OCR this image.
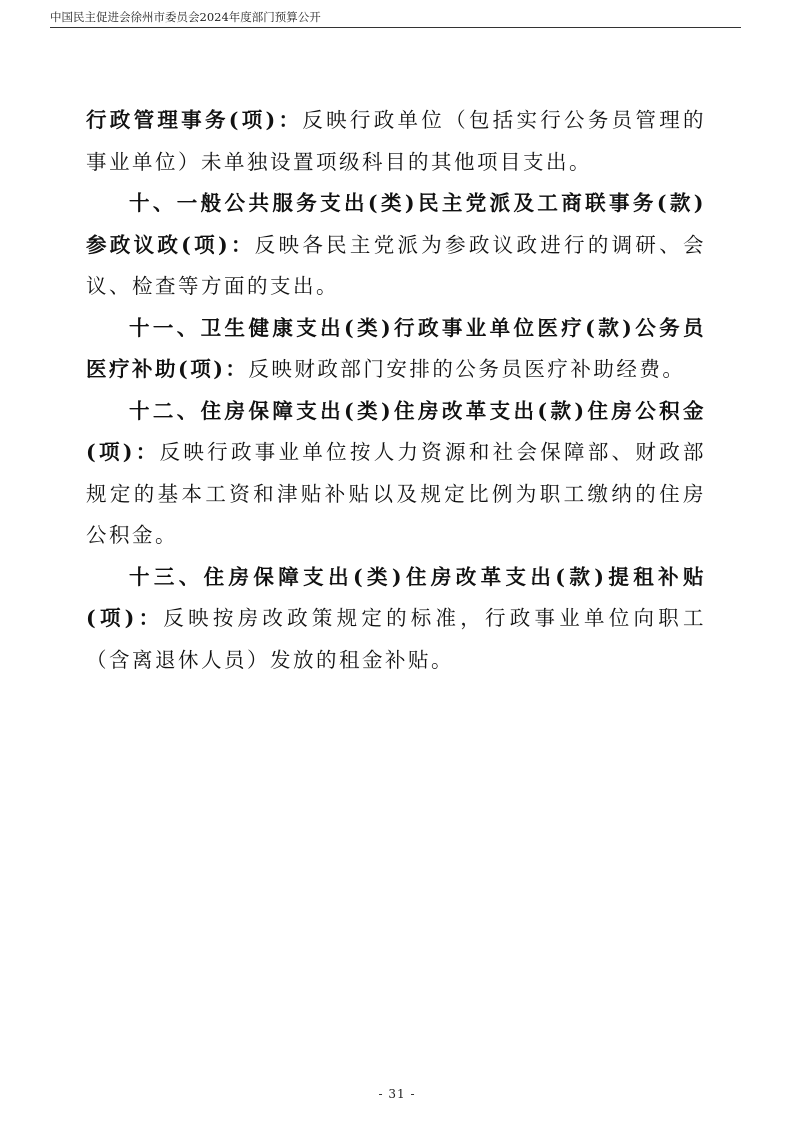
中国民主促进会徐州市委员会2024年度部门预算公开

行政管理事务(项)：反映行政单位（包括实行公务员管理的事业单位）未单独设置项级科目的其他项目支出。

十、一般公共服务支出(类)民主党派及工商联事务(款)参政议政(项)：反映各民主党派为参政议政进行的调研、会议、检查等方面的支出。

十一、卫生健康支出(类)行政事业单位医疗(款)公务员医疗补助(项)：反映财政部门安排的公务员医疗补助经费。

十二、住房保障支出(类)住房改革支出(款)住房公积金(项)：反映行政事业单位按人力资源和社会保障部、财政部规定的基本工资和津贴补贴以及规定比例为职工缴纳的住房公积金。

十三、住房保障支出(类)住房改革支出(款)提租补贴(项)：反映按房改政策规定的标准，行政事业单位向职工（含离退休人员）发放的租金补贴。

- 31 -
